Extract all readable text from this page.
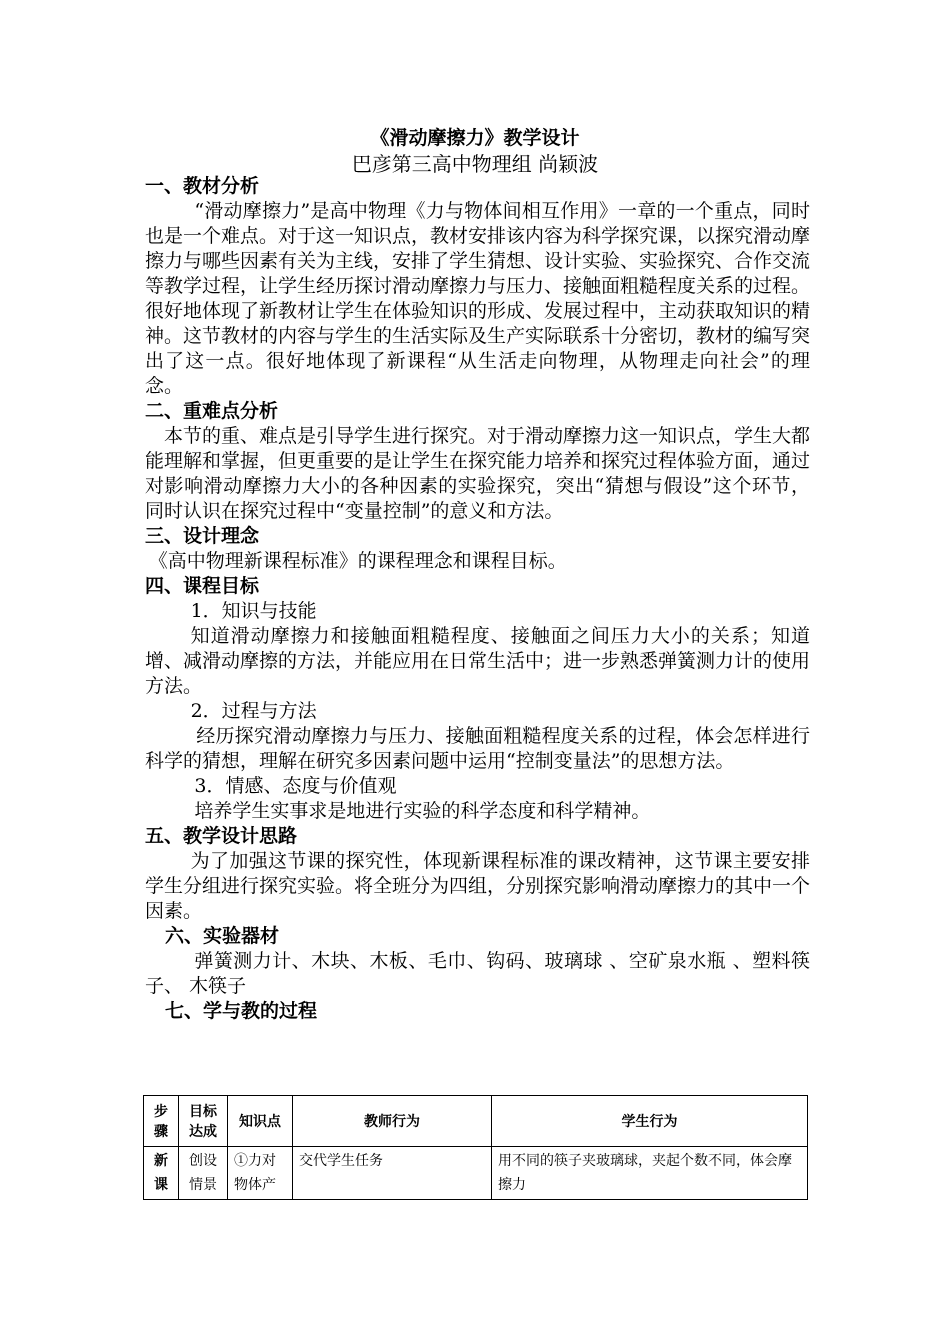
《滑动摩擦力》教学设计
巴彦第三高中物理组 尚颖波
一、教材分析

“滑动摩擦力”是高中物理《力与物体间相互作用》一章的一个重点，同时也是一个难点。对于这一知识点，教材安排该内容为科学探究课，以探究滑动摩擦力与哪些因素有关为主线，安排了学生猜想、设计实验、实验探究、合作交流等教学过程，让学生经历探讨滑动摩擦力与压力、接触面粗糙程度关系的过程。很好地体现了新教材让学生在体验知识的形成、发展过程中，主动获取知识的精神。这节教材的内容与学生的生活实际及生产实际联系十分密切，教材的编写突出了这一点。很好地体现了新课程“从生活走向物理，从物理走向社会”的理念。

二、重难点分析

本节的重、难点是引导学生进行探究。对于滑动摩擦力这一知识点，学生大都能理解和掌握，但更重要的是让学生在探究能力培养和探究过程体验方面，通过对影响滑动摩擦力大小的各种因素的实验探究，突出“猜想与假设”这个环节，同时认识在探究过程中“变量控制”的意义和方法。

三、设计理念

《高中物理新课程标准》的课程理念和课程目标。

四、课程目标

1．知识与技能

知道滑动摩擦力和接触面粗糙程度、接触面之间压力大小的关系；知道增、减滑动摩擦的方法，并能应用在日常生活中；进一步熟悉弹簧测力计的使用方法。

2．过程与方法

经历探究滑动摩擦力与压力、接触面粗糙程度关系的过程，体会怎样进行科学的猜想，理解在研究多因素问题中运用“控制变量法”的思想方法。

3．情感、态度与价值观

培养学生实事求是地进行实验的科学态度和科学精神。

五、教学设计思路

为了加强这节课的探究性，体现新课程标准的课改精神，这节课主要安排学生分组进行探究实验。将全班分为四组，分别探究影响滑动摩擦力的其中一个因素。

六、实验器材

弹簧测力计、木块、木板、毛巾、钩码、玻璃球 、空矿泉水瓶 、塑料筷子、 木筷子

七、学与教的过程
步骤	目标达成	知识点	教师行为	学生行为
新课	创设情景	①力对物体产	交代学生任务	用不同的筷子夹玻璃球，夹起个数不同，体会摩擦力
